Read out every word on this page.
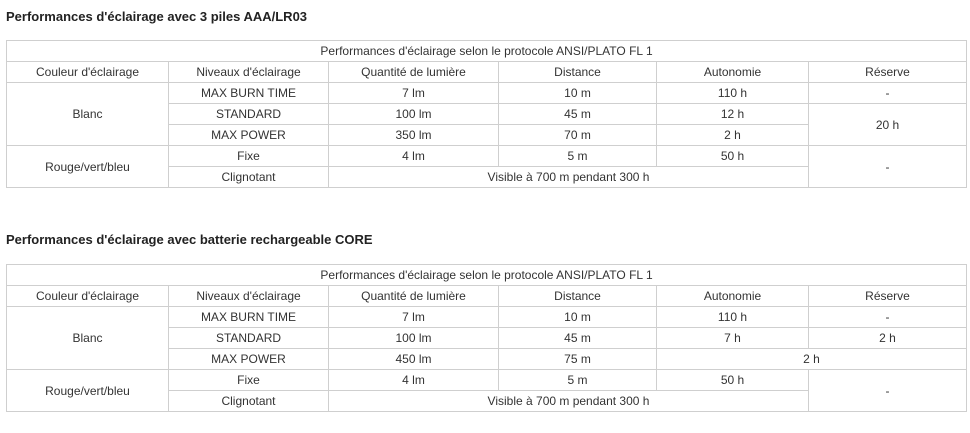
Performances d'éclairage avec 3 piles AAA/LR03
Performances d'éclairage selon le protocole ANSI/PLATO FL 1					
Couleur d'éclairage	Niveaux d'éclairage	Quantité de lumière	Distance	Autonomie	Réserve
Blanc	MAX BURN TIME	7 lm	10 m	110 h	-
	STANDARD	100 lm	45 m	12 h	20 h
	MAX POWER	350 lm	70 m	2 h	
Rouge/vert/bleu	Fixe	4 lm	5 m	50 h	-
	Clignotant	Visible à 700 m pendant 300 h			
Performances d'éclairage avec batterie rechargeable CORE
Performances d'éclairage selon le protocole ANSI/PLATO FL 1					
Couleur d'éclairage	Niveaux d'éclairage	Quantité de lumière	Distance	Autonomie	Réserve
Blanc	MAX BURN TIME	7 lm	10 m	110 h	-
	STANDARD	100 lm	45 m	7 h	2 h
	MAX POWER	450 lm	75 m	2 h	
Rouge/vert/bleu	Fixe	4 lm	5 m	50 h	-
	Clignotant	Visible à 700 m pendant 300 h			
